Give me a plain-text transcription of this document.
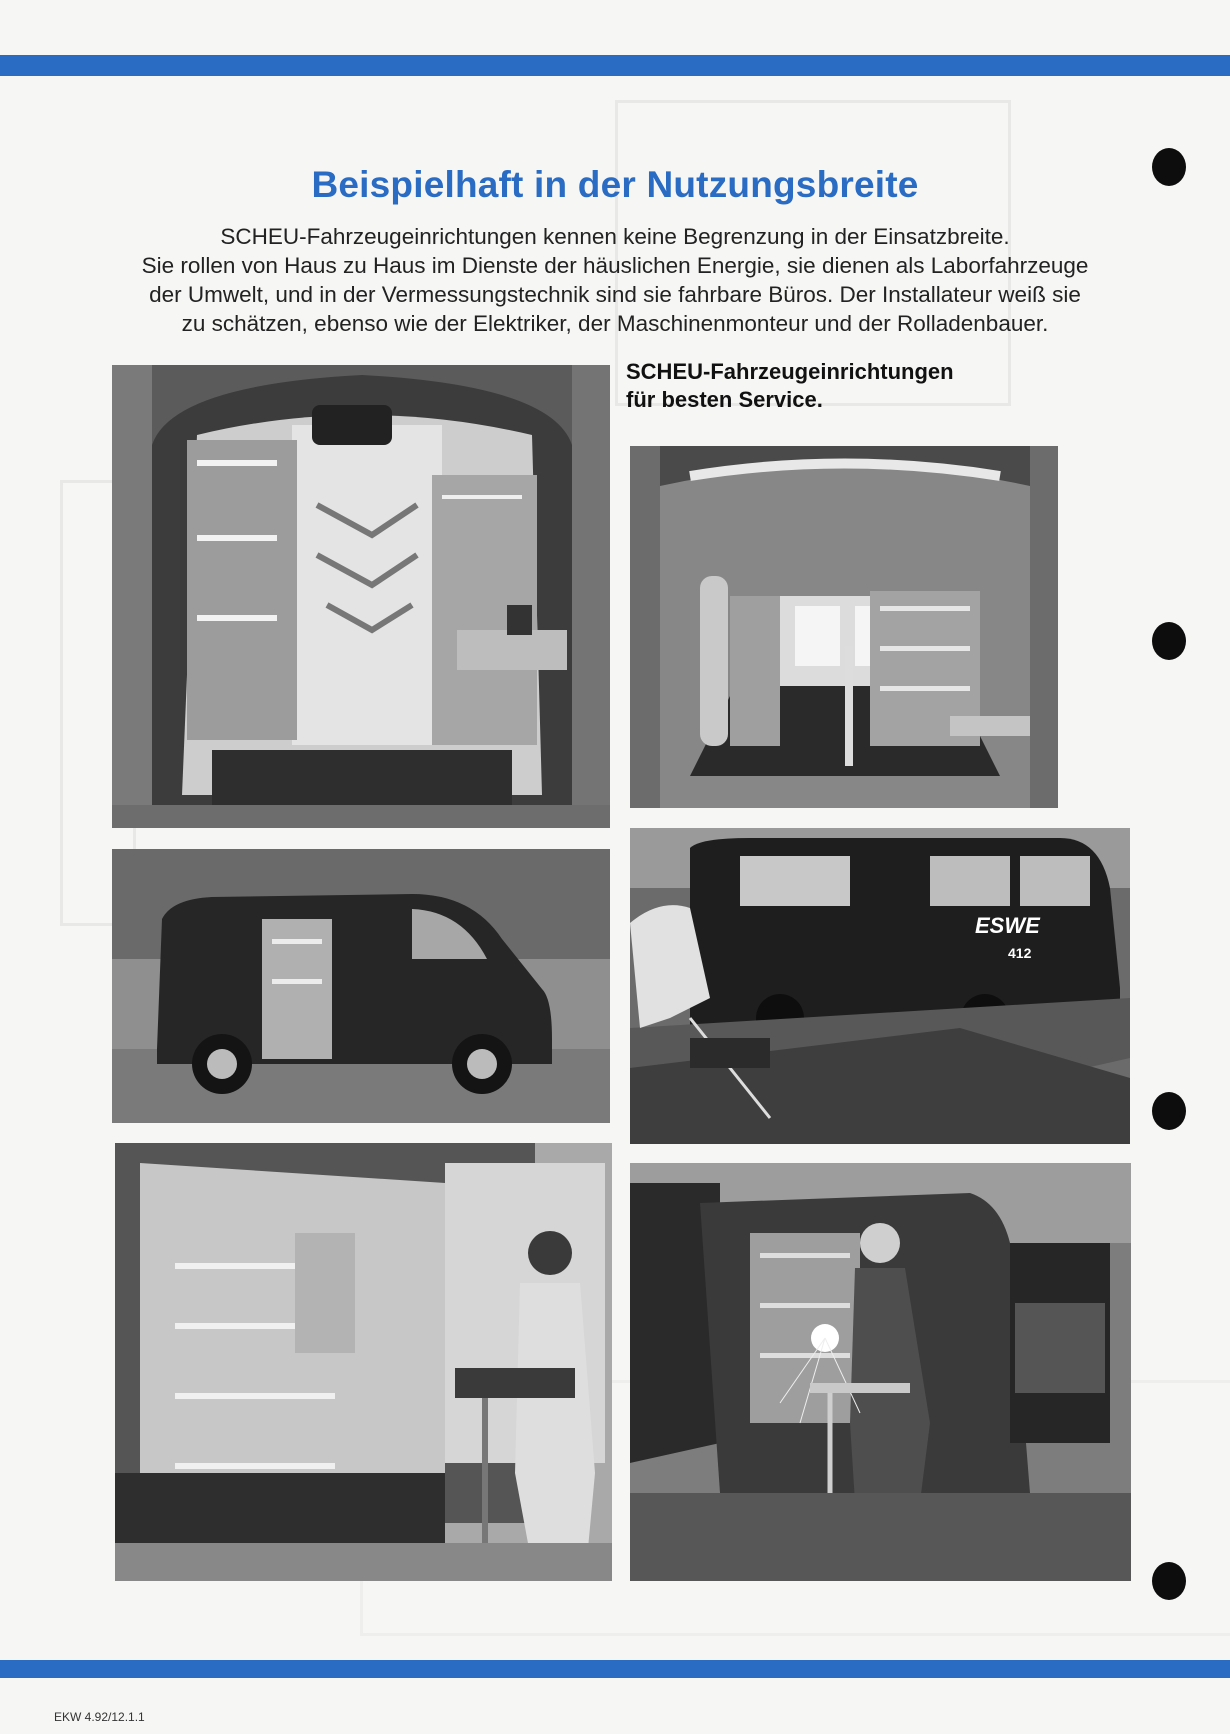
Beispielhaft in der Nutzungsbreite
SCHEU-Fahrzeugeinrichtungen kennen keine Begrenzung in der Einsatzbreite.
Sie rollen von Haus zu Haus im Dienste der häuslichen Energie, sie dienen als Laborfahrzeuge
der Umwelt, und in der Vermessungstechnik sind sie fahrbare Büros. Der Installateur weiß sie
zu schätzen, ebenso wie der Elektriker, der Maschinenmonteur und der Rolladenbauer.
SCHEU-Fahrzeugeinrichtungen
für besten Service.
ESWE
412
EKW 4.92/12.1.1
